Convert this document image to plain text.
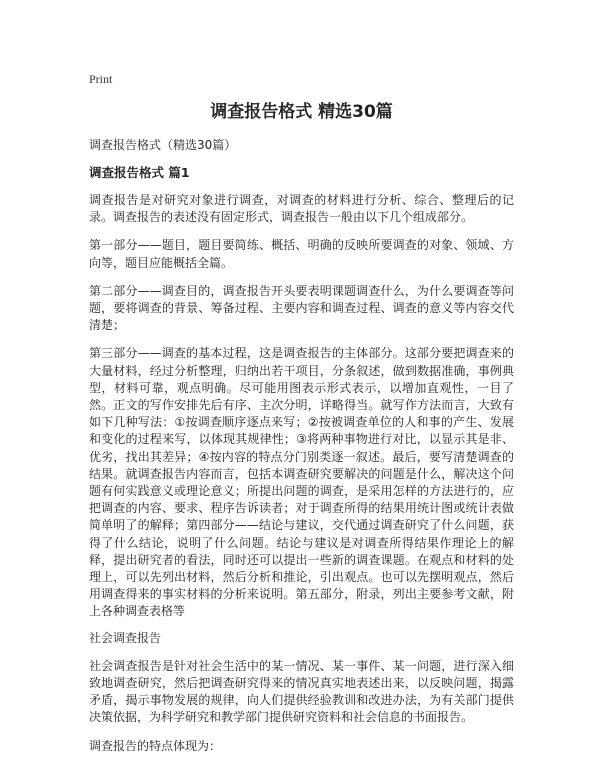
Print
调查报告格式 精选30篇
调查报告格式（精选30篇）
调查报告格式 篇1

调查报告是对研究对象进行调查，对调查的材料进行分析、综合、整理后的记录。调查报告的表述没有固定形式，调查报告一般由以下几个组成部分。

第一部分——题目，题目要简练、概括、明确的反映所要调查的对象、领域、方向等，题目应能概括全篇。

第二部分——调查目的，调查报告开头要表明课题调查什么，为什么要调查等问题，要将调查的背景、筹备过程、主要内容和调查过程、调查的意义等内容交代清楚；

第三部分——调查的基本过程，这是调查报告的主体部分。这部分要把调查来的大量材料，经过分析整理，归纳出若干项目，分条叙述，做到数据准确，事例典型，材料可靠，观点明确。尽可能用图表示形式表示，以增加直观性，一目了然。正文的写作安排先后有序、主次分明，详略得当。就写作方法而言，大致有如下几种写法：①按调查顺序逐点来写；②按被调查单位的人和事的产生、发展和变化的过程来写，以体现其规律性；③将两种事物进行对比，以显示其是非、优劣，找出其差异；④按内容的特点分门别类逐一叙述。最后，要写清楚调查的结果。就调查报告内容而言，包括本调查研究要解决的问题是什么，解决这个问题有何实践意义或理论意义；所提出问题的调查，是采用怎样的方法进行的，应把调查的内容、要求、程序告诉读者；对于调查所得的结果用统计图或统计表做简单明了的解释；第四部分——结论与建议，交代通过调查研究了什么问题，获得了什么结论，说明了什么问题。结论与建议是对调查所得结果作理论上的解释，提出研究者的看法，同时还可以提出一些新的调查课题。在观点和材料的处理上，可以先列出材料，然后分析和推论，引出观点。也可以先摆明观点，然后用调查得来的事实材料的分析来说明。第五部分，附录，列出主要参考文献，附上各种调查表格等

社会调查报告

社会调查报告是针对社会生活中的某一情况、某一事件、某一问题，进行深入细致地调查研究，然后把调查研究得来的情况真实地表述出来，以反映问题，揭露矛盾，揭示事物发展的规律，向人们提供经验教训和改进办法，为有关部门提供决策依据，为科学研究和教学部门提供研究资料和社会信息的书面报告。

调查报告的特点体现为：
